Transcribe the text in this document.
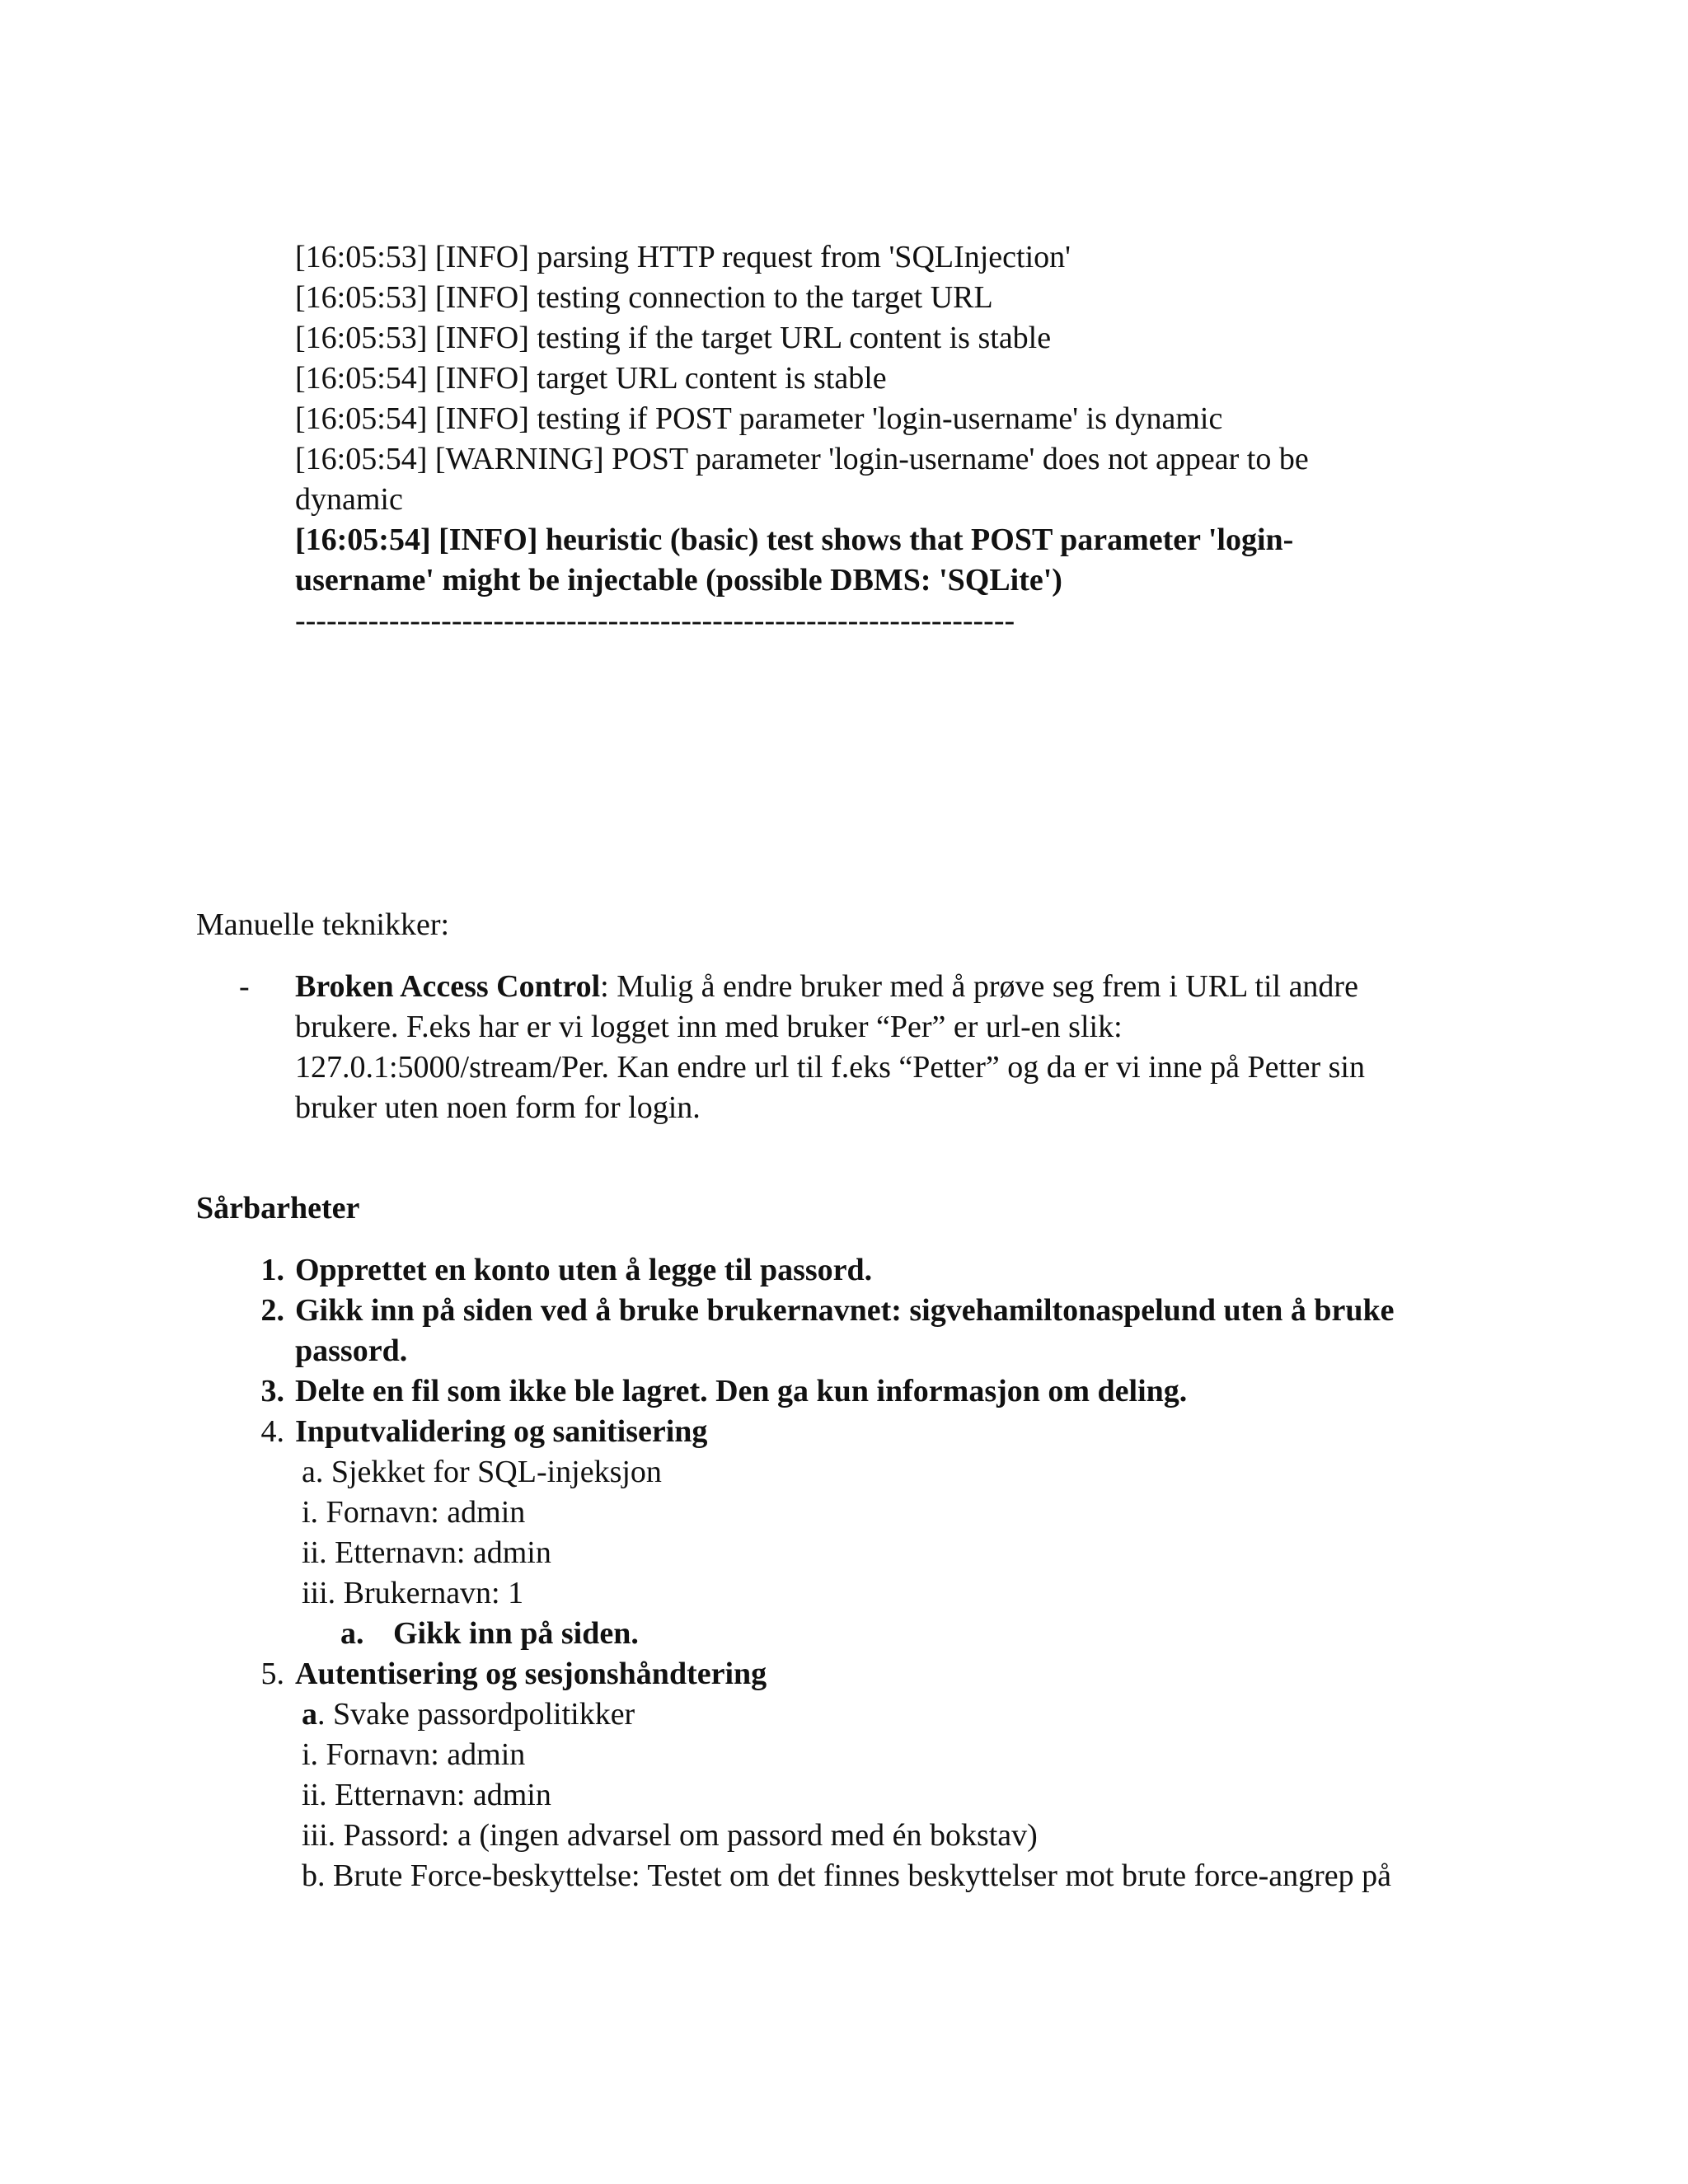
[16:05:53] [INFO] parsing HTTP request from 'SQLInjection'

[16:05:53] [INFO] testing connection to the target URL

[16:05:53] [INFO] testing if the target URL content is stable

[16:05:54] [INFO] target URL content is stable

[16:05:54] [INFO] testing if POST parameter 'login-username' is dynamic

[16:05:54] [WARNING] POST parameter 'login-username' does not appear to be

dynamic

[16:05:54] [INFO] heuristic (basic) test shows that POST parameter 'login-

username' might be injectable (possible DBMS: 'SQLite')

---------------------------------------------------------------------

Manuelle teknikker:

- Broken Access Control: Mulig å endre bruker med å prøve seg frem i URL til andre

brukere. F.eks har er vi logget inn med bruker “Per” er url-en slik:

127.0.1:5000/stream/Per. Kan endre url til f.eks “Petter” og da er vi inne på Petter sin

bruker uten noen form for login.

Sårbarheter

1. Opprettet en konto uten å legge til passord.

2. Gikk inn på siden ved å bruke brukernavnet: sigvehamiltonaspelund uten å bruke

passord.

3. Delte en fil som ikke ble lagret. Den ga kun informasjon om deling.

4. Inputvalidering og sanitisering

a. Sjekket for SQL-injeksjon

i. Fornavn: admin

ii. Etternavn: admin

iii. Brukernavn: 1

a. Gikk inn på siden.

5. Autentisering og sesjonshåndtering

a. Svake passordpolitikker

i. Fornavn: admin

ii. Etternavn: admin

iii. Passord: a (ingen advarsel om passord med én bokstav)

b. Brute Force-beskyttelse: Testet om det finnes beskyttelser mot brute force-angrep på
